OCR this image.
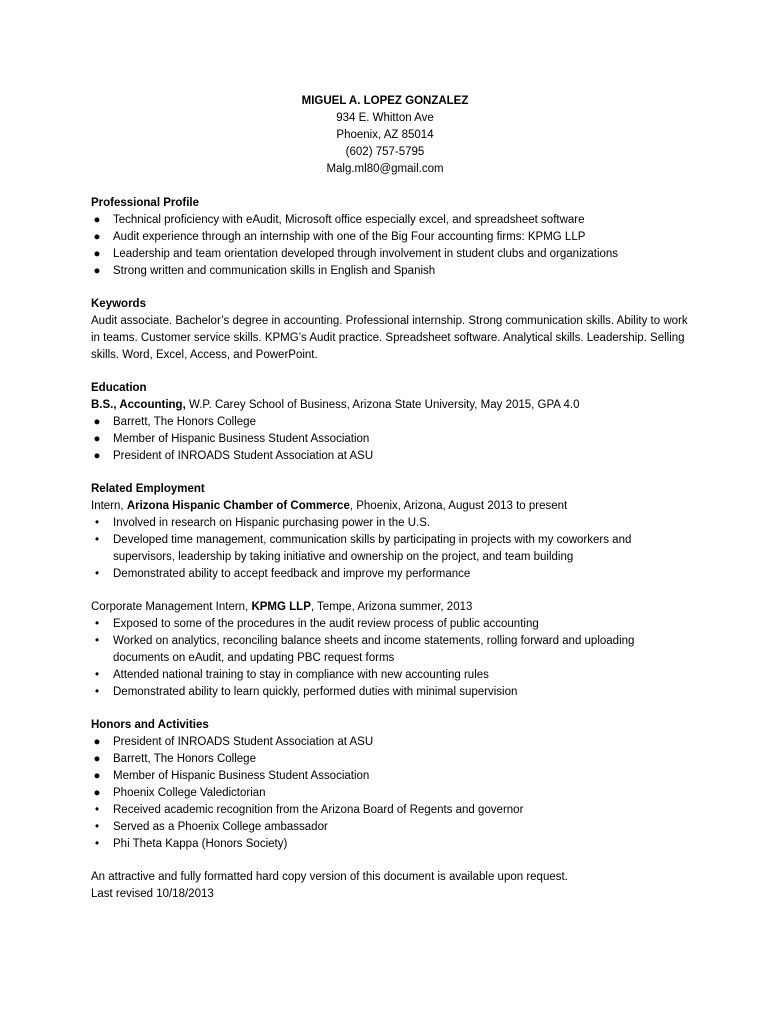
MIGUEL A. LOPEZ GONZALEZ
934 E. Whitton Ave
Phoenix, AZ 85014
(602) 757-5795
Malg.ml80@gmail.com
Professional Profile
● Technical proficiency with eAudit, Microsoft office especially excel, and spreadsheet software
● Audit experience through an internship with one of the Big Four accounting firms: KPMG LLP
● Leadership and team orientation developed through involvement in student clubs and organizations
● Strong written and communication skills in English and Spanish
Keywords
Audit associate. Bachelor’s degree in accounting. Professional internship. Strong communication skills. Ability to work in teams. Customer service skills. KPMG’s Audit practice. Spreadsheet software. Analytical skills. Leadership. Selling skills. Word, Excel, Access, and PowerPoint.
Education
B.S., Accounting, W.P. Carey School of Business, Arizona State University, May 2015, GPA 4.0
● Barrett, The Honors College
● Member of Hispanic Business Student Association
● President of INROADS Student Association at ASU
Related Employment
Intern, Arizona Hispanic Chamber of Commerce, Phoenix, Arizona, August 2013 to present
•	Involved in research on Hispanic purchasing power in the U.S.
•	Developed time management, communication skills by participating in projects with my coworkers and supervisors, leadership by taking initiative and ownership on the project, and team building
•	Demonstrated ability to accept feedback and improve my performance
Corporate Management Intern, KPMG LLP, Tempe, Arizona summer, 2013
•	Exposed to some of the procedures in the audit review process of public accounting
•	Worked on analytics, reconciling balance sheets and income statements, rolling forward and uploading documents on eAudit, and updating PBC request forms
•	Attended national training to stay in compliance with new accounting rules
•	Demonstrated ability to learn quickly, performed duties with minimal supervision
Honors and Activities
● President of INROADS Student Association at ASU
● Barrett, The Honors College
● Member of Hispanic Business Student Association
● Phoenix College Valedictorian
•	Received academic recognition from the Arizona Board of Regents and governor
•	Served as a Phoenix College ambassador
•	Phi Theta Kappa (Honors Society)
An attractive and fully formatted hard copy version of this document is available upon request.
Last revised 10/18/2013
